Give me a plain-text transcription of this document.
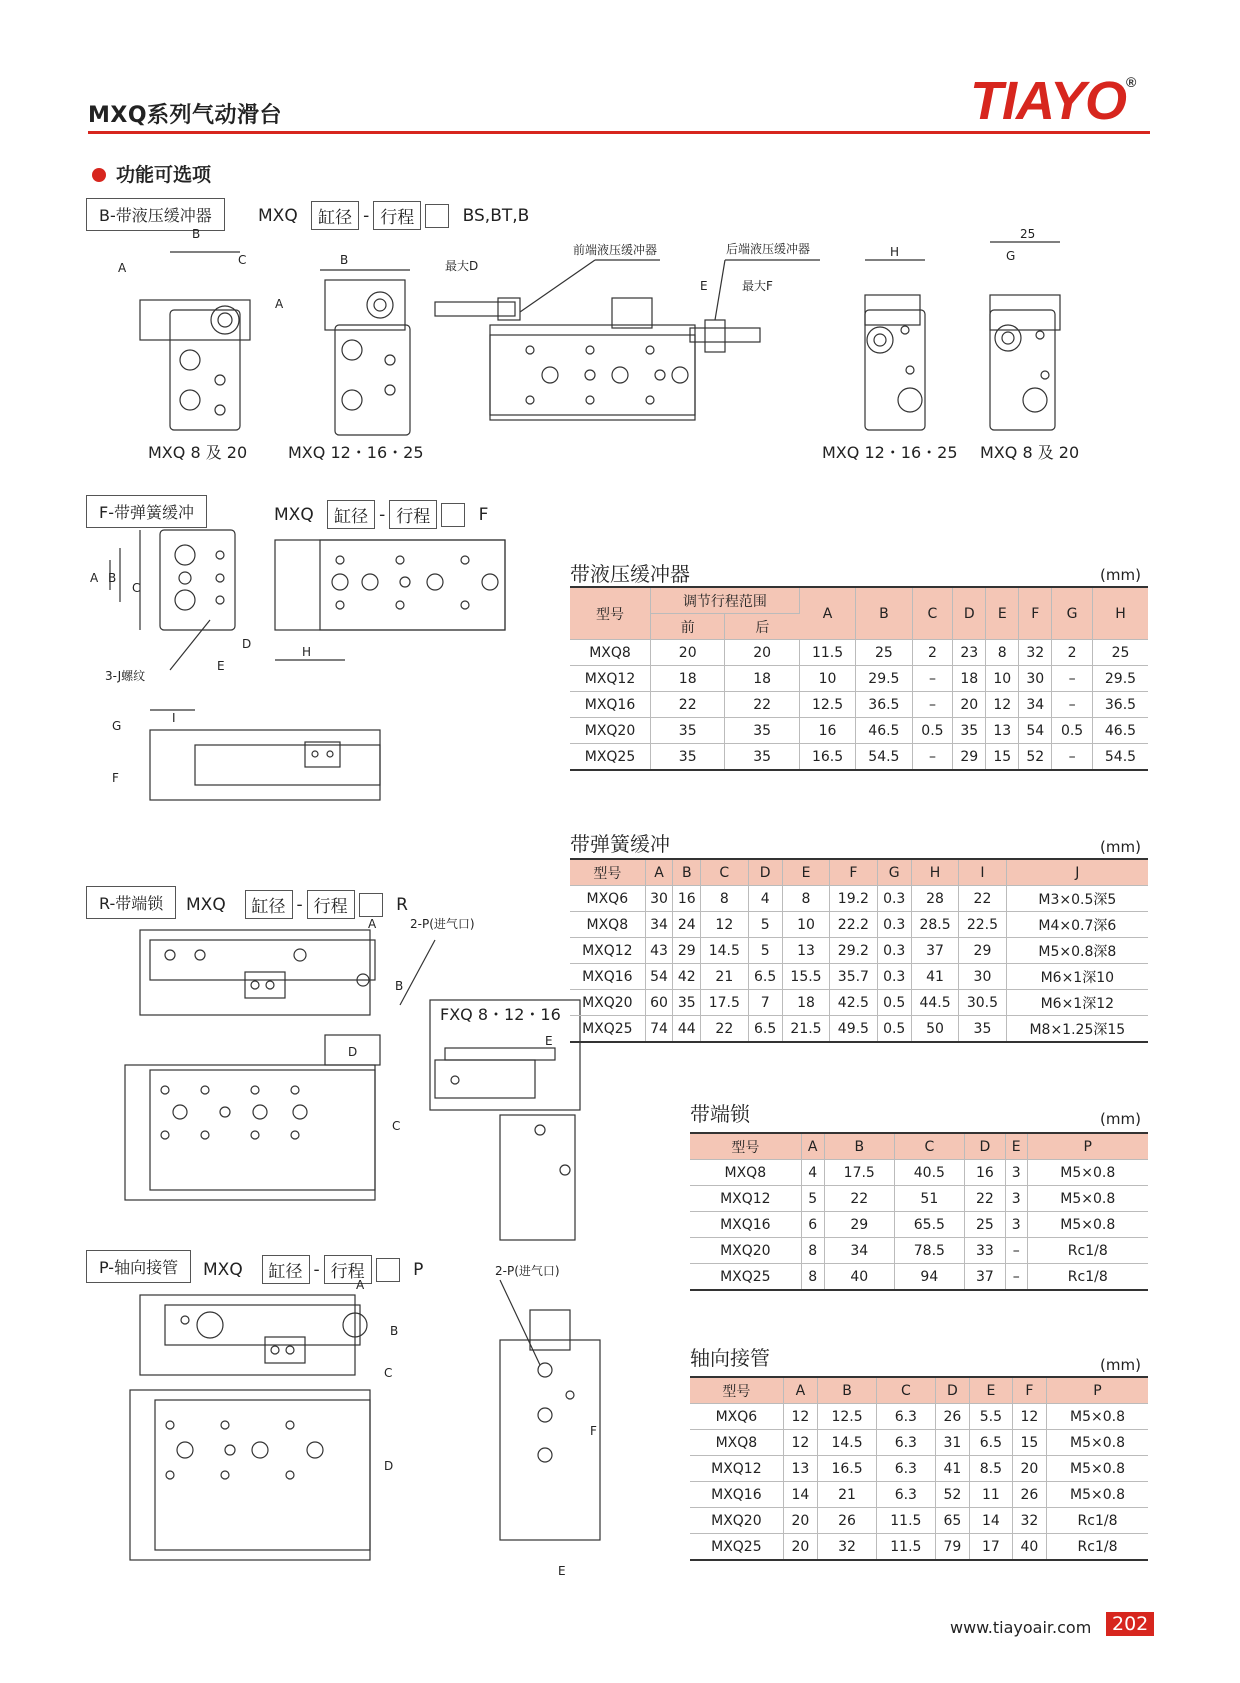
MXQ系列气动滑台	TIAYO®
功能可选项
B-带液压缓冲器	MXQ
	缸径 - 行程
	BS,BT,B
F-带弹簧缓冲	MXQ
	缸径 - 行程
	F
R-带端锁	MXQ
	缸径 - 行程
	R
P-轴向接管	MXQ
	缸径 - 行程
	P
B
C
A
B
A
最大D
前端液压缓冲器	后端液压缓冲器
E	最大F
H
25
G
MXQ 8 及 20	MXQ 12・16・25	MXQ 12・16・25 MXQ 8 及 20
A B
C
D
E
3-J螺纹
H
G
I
F
A	2-P(进气口)
B
D
C
E
FXQ 8・12・16
A
B
C
D
2-P(进气口)
F
E
带液压缓冲器	(mm)
型号	调节行程范围		A	B	C	D	E	F	G	H
	前	后								
MXQ8	20	20	11.5	25	2	23	8	32	2	25
MXQ12	18	18	10	29.5	–	18	10	30	–	29.5
MXQ16	22	22	12.5	36.5	–	20	12	34	–	36.5
MXQ20	35	35	16	46.5	0.5	35	13	54	0.5	46.5
MXQ25	35	35	16.5	54.5	–	29	15	52	–	54.5
带弹簧缓冲	(mm)
型号	A	B	C	D	E	F	G	H	I	J
MXQ6	30	16	8	4	8	19.2	0.3	28	22	M3×0.5深5
MXQ8	34	24	12	5	10	22.2	0.3	28.5	22.5	M4×0.7深6
MXQ12	43	29	14.5	5	13	29.2	0.3	37	29	M5×0.8深8
MXQ16	54	42	21	6.5	15.5	35.7	0.3	41	30	M6×1深10
MXQ20	60	35	17.5	7	18	42.5	0.5	44.5	30.5	M6×1深12
MXQ25	74	44	22	6.5	21.5	49.5	0.5	50	35	M8×1.25深15
带端锁	(mm)
型号	A	B	C	D	E	P
MXQ8	4	17.5	40.5	16	3	M5×0.8
MXQ12	5	22	51	22	3	M5×0.8
MXQ16	6	29	65.5	25	3	M5×0.8
MXQ20	8	34	78.5	33	–	Rc1/8
MXQ25	8	40	94	37	–	Rc1/8
轴向接管	(mm)
型号	A	B	C	D	E	F	P
MXQ6	12	12.5	6.3	26	5.5	12	M5×0.8
MXQ8	12	14.5	6.3	31	6.5	15	M5×0.8
MXQ12	13	16.5	6.3	41	8.5	20	M5×0.8
MXQ16	14	21	6.3	52	11	26	M5×0.8
MXQ20	20	26	11.5	65	14	32	Rc1/8
MXQ25	20	32	11.5	79	17	40	Rc1/8
www.tiayoair.com	202
